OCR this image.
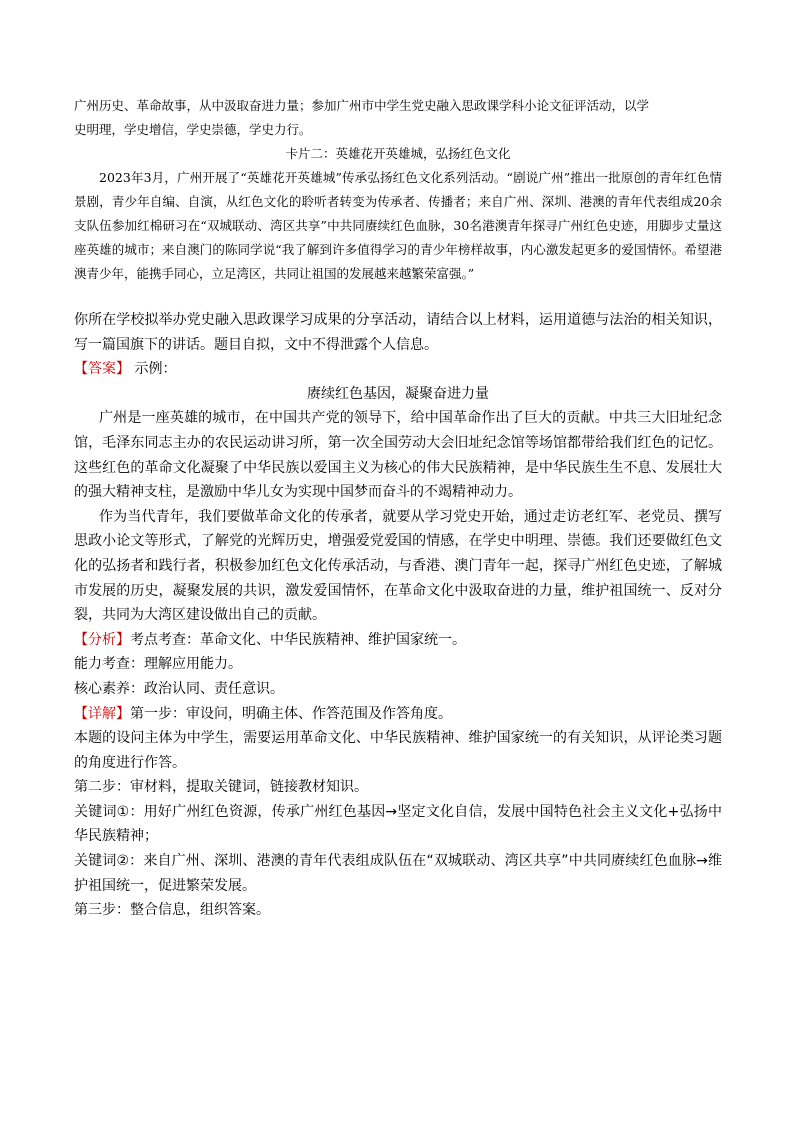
广州历史、革命故事，从中汲取奋进力量；参加广州市中学生党史融入思政课学科小论文征评活动，以学

史明理，学史增信，学史崇德，学史力行。

卡片二：英雄花开英雄城，弘扬红色文化

2023年3月，广州开展了“英雄花开英雄城”传承弘扬红色文化系列活动。“剧说广州”推出一批原创的青年红色情景剧，青少年自编、自演，从红色文化的聆听者转变为传承者、传播者；来自广州、深圳、港澳的青年代表组成20余支队伍参加红棉研习在“双城联动、湾区共享”中共同赓续红色血脉，30名港澳青年探寻广州红色史迹，用脚步丈量这座英雄的城市；来自澳门的陈同学说“我了解到许多值得学习的青少年榜样故事，内心激发起更多的爱国情怀。希望港澳青少年，能携手同心，立足湾区，共同让祖国的发展越来越繁荣富强。”

你所在学校拟举办党史融入思政课学习成果的分享活动，请结合以上材料，运用道德与法治的相关知识，写一篇国旗下的讲话。题目自拟，文中不得泄露个人信息。

【答案】 示例：

赓续红色基因，凝聚奋进力量

广州是一座英雄的城市，在中国共产党的领导下，给中国革命作出了巨大的贡献。中共三大旧址纪念馆，毛泽东同志主办的农民运动讲习所，第一次全国劳动大会旧址纪念馆等场馆都带给我们红色的记忆。这些红色的革命文化凝聚了中华民族以爱国主义为核心的伟大民族精神，是中华民族生生不息、发展壮大的强大精神支柱，是激励中华儿女为实现中国梦而奋斗的不竭精神动力。

作为当代青年，我们要做革命文化的传承者，就要从学习党史开始，通过走访老红军、老党员、撰写思政小论文等形式，了解党的光辉历史，增强爱党爱国的情感，在学史中明理、崇德。我们还要做红色文化的弘扬者和践行者，积极参加红色文化传承活动，与香港、澳门青年一起，探寻广州红色史迹，了解城市发展的历史，凝聚发展的共识，激发爱国情怀，在革命文化中汲取奋进的力量，维护祖国统一、反对分裂，共同为大湾区建设做出自己的贡献。

【分析】考点考查：革命文化、中华民族精神、维护国家统一。

能力考查：理解应用能力。

核心素养：政治认同、责任意识。

【详解】第一步：审设问，明确主体、作答范围及作答角度。

本题的设问主体为中学生，需要运用革命文化、中华民族精神、维护国家统一的有关知识，从评论类习题的角度进行作答。

第二步：审材料，提取关键词，链接教材知识。

关键词①：用好广州红色资源，传承广州红色基因→坚定文化自信，发展中国特色社会主义文化+弘扬中华民族精神；

关键词②：来自广州、深圳、港澳的青年代表组成队伍在“双城联动、湾区共享”中共同赓续红色血脉→维护祖国统一，促进繁荣发展。

第三步：整合信息，组织答案。
